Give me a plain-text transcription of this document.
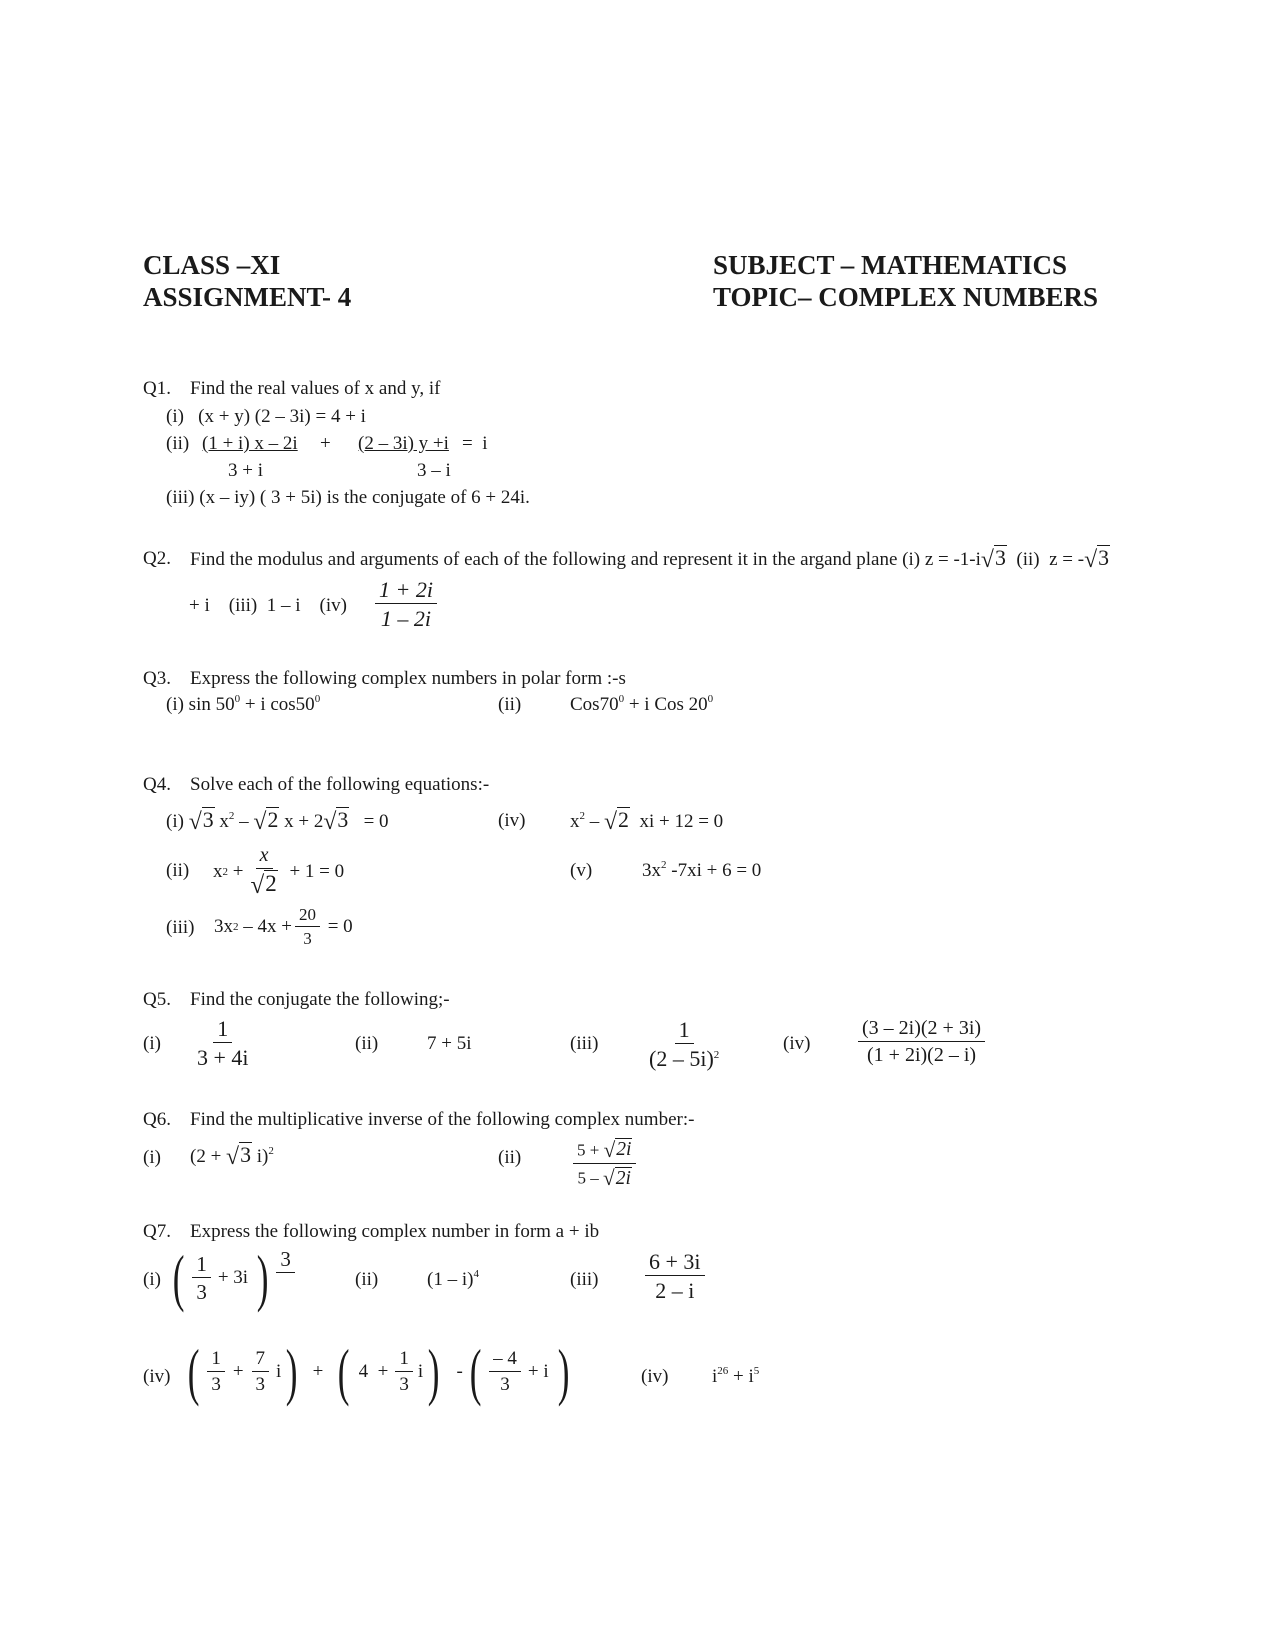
CLASS –XI
ASSIGNMENT- 4
SUBJECT – MATHEMATICS
TOPIC– COMPLEX NUMBERS
Q1. Find the real values of x and y, if
(i)   (x + y) (2 – 3i) = 4 + i
(ii) (1 + i) x – 2i
3 + i
+ (2 – 3i) y +i
3 – i
=  i
(iii) (x – iy) ( 3 + 5i) is the conjugate of 6 + 24i.
Q2. Find the modulus and arguments of each of the following and represent it in the argand plane (i) z = -1-i√3 (ii)  z = -√3
+ i    (iii)  1 – i    $(iv) \frac{1 + 2i}{1 - 2i}$
Q3. Express the following complex numbers in polar form :-s
(i) $\sin 50^0 + i$ $\cos 50^0$	(ii)	$Cos70^0 + i$ Cos $20^0$
Q4. Solve each of the following equations:-
(i) √3 $x^2 - √2$ x + 2√3 = 0	(iv) $x^2 - √2$ xi + 12 = 0
(ii) x 2
+ $\frac{x}{√2}$
+ 1 = 0	(v)	$3x^2$ -7xi + 6 = 0
(iii) 3x 2
– $4x + \frac{20}{3}$
= 0
Q5. Find the conjugate the following;-
$(i) \frac{1}{3 + 4i}$	(ii)	7 + 5i	$(iii) \frac{1}{(2 - 5i)^2}$	$(iv) \frac{(3 - 2i)(2 + 3i)}{(1 + 2i)(2 - i)}$
Q6. Find the multiplicative inverse of the following complex number:-
(i) (2 + √3 i)$^2$	(ii)	$\frac{5 + √2i}{5 - √2i}$
Q7. Express the following complex number in form a + ib
(i) ( $\frac{1}{3} + 3i$ ) 3

(ii)	(1 – i)$^4$	$(iii) \frac{6 + 3i}{2 - i}$
(iv) ( $\frac{1}{3} + \frac{7}{3}$ i ) + ( $4 + \frac{1}{3}$ i ) - ( $\frac{- 4}{3} + i$ )	(iv) $i^{26} + i^5$
